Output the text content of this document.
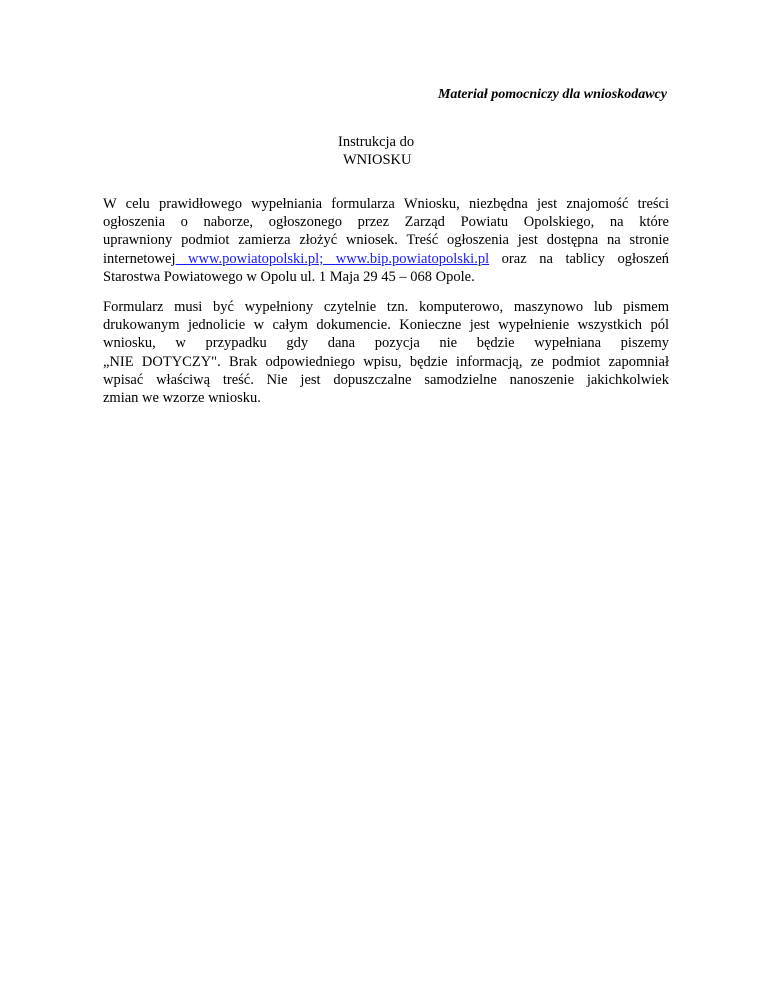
Materiał pomocniczy dla wnioskodawcy
Instrukcja do
WNIOSKU
W celu prawidłowego wypełniania formularza Wniosku, niezbędna jest znajomość treści
ogłoszenia o naborze, ogłoszonego przez Zarząd Powiatu Opolskiego, na które
uprawniony podmiot zamierza złożyć wniosek. Treść ogłoszenia jest dostępna na stronie
internetowej www.powiatopolski.pl; www.bip.powiatopolski.pl oraz na tablicy ogłoszeń
Starostwa Powiatowego w Opolu ul. 1 Maja 29 45 – 068 Opole.
Formularz musi być wypełniony czytelnie tzn. komputerowo, maszynowo lub pismem
drukowanym jednolicie w całym dokumencie. Konieczne jest wypełnienie wszystkich pól
wniosku, w przypadku gdy dana pozycja nie będzie wypełniana piszemy
„NIE DOTYCZY". Brak odpowiedniego wpisu, będzie informacją, ze podmiot zapomniał
wpisać właściwą treść. Nie jest dopuszczalne samodzielne nanoszenie jakichkolwiek
zmian we wzorze wniosku.
